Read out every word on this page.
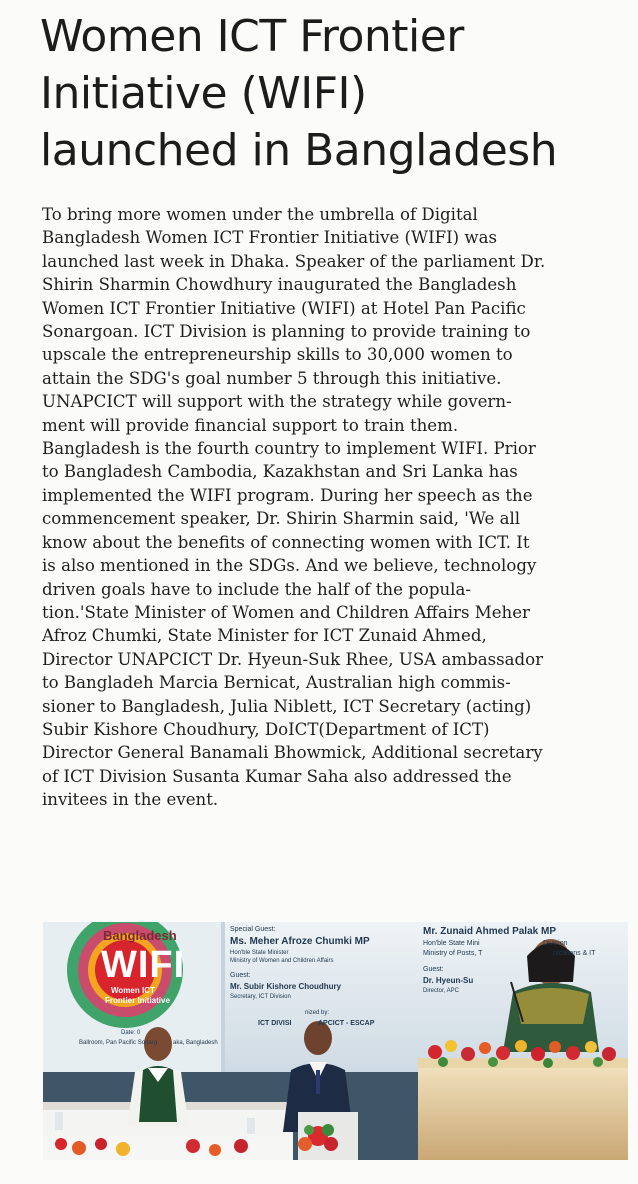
Women ICT Frontier
Initiative (WIFI)
launched in Bangladesh
To bring more women under the umbrella of Digital
Bangladesh Women ICT Frontier Initiative (WIFI) was
launched last week in Dhaka. Speaker of the parliament Dr.
Shirin Sharmin Chowdhury inaugurated the Bangladesh
Women ICT Frontier Initiative (WIFI) at Hotel Pan Pacific
Sonargoan. ICT Division is planning to provide training to
upscale the entrepreneurship skills to 30,000 women to
attain the SDG's goal number 5 through this initiative.
UNAPCICT will support with the strategy while govern-
ment will provide financial support to train them.
Bangladesh is the fourth country to implement WIFI. Prior
to Bangladesh Cambodia, Kazakhstan and Sri Lanka has
implemented the WIFI program. During her speech as the
commencement speaker, Dr. Shirin Sharmin said, 'We all
know about the benefits of connecting women with ICT. It
is also mentioned in the SDGs. And we believe, technology
driven goals have to include the half of the popula-
tion.'State Minister of Women and Children Affairs Meher
Afroz Chumki, State Minister for ICT Zunaid Ahmed,
Director UNAPCICT Dr. Hyeun-Suk Rhee, USA ambassador
to Bangladeh Marcia Bernicat, Australian high commis-
sioner to Bangladesh, Julia Niblett, ICT Secretary (acting)
Subir Kishore Choudhury, DoICT(Department of ICT)
Director General Banamali Bhowmick, Additional secretary
of ICT Division Susanta Kumar Saha also addressed the
invitees in the event.
Bangladesh
WIFI
Women ICT
Frontier Initiative
Date: 0
Ballroom, Pan Pacific Sonarg	aka, Bangladesh
Special Guest:
Ms. Meher Afroze Chumki MP
Hon'ble State Minister
Ministry of Women and Children Affairs
Guest:
Mr. Subir Kishore Choudhury
Secretary, ICT Division
Mr. Zunaid Ahmed Palak MP
Hon'ble State Mini	Division
Ministry of Posts, T	nications & IT
Guest:
Dr. Hyeun-Su
Director, APC
nized by:
ICT DIVISI	APCICT - ESCAP
